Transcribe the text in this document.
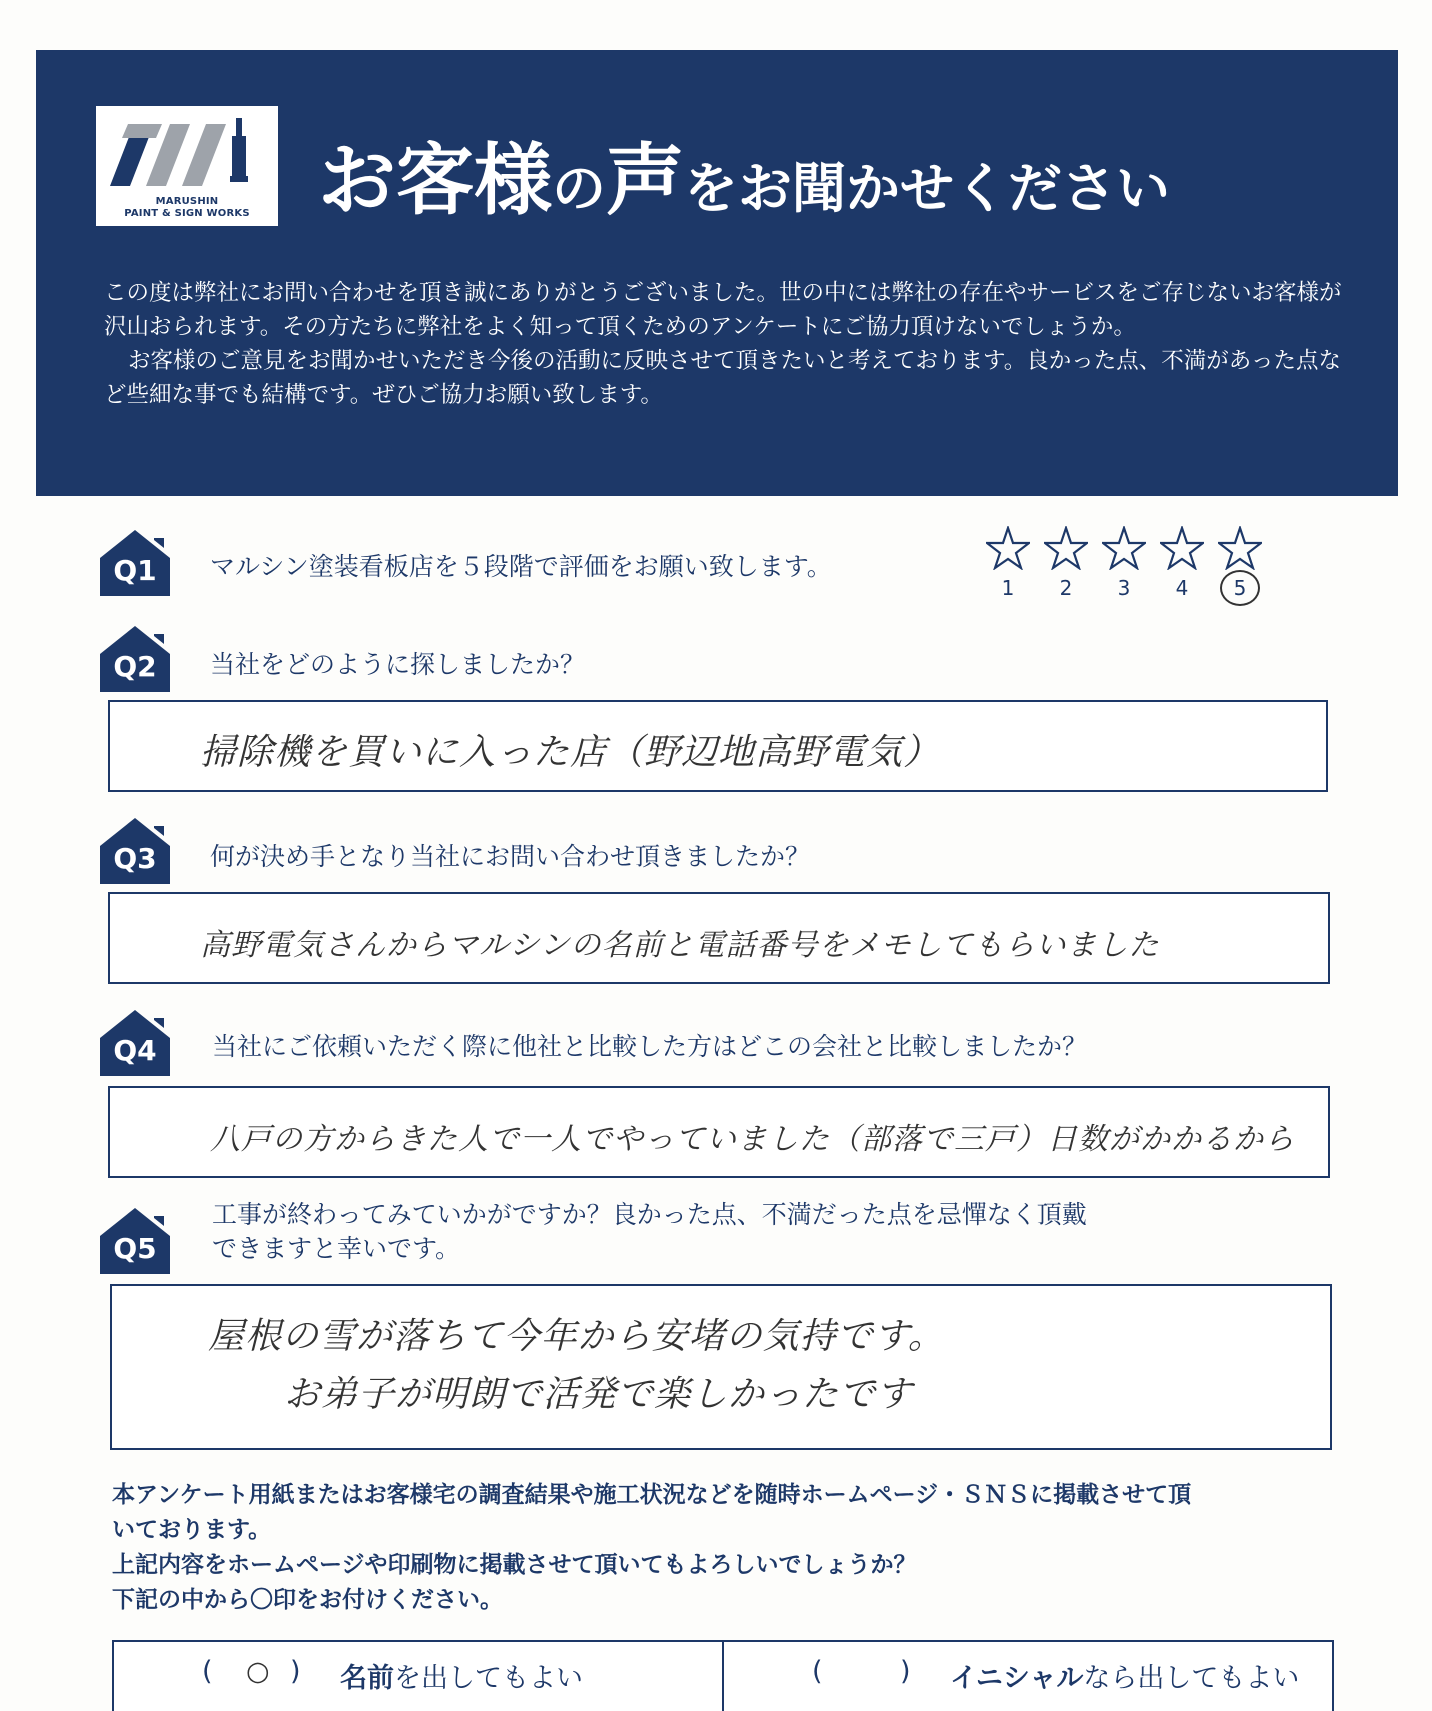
MARUSHIN
PAINT & SIGN WORKS お客様の声をお聞かせください

この度は弊社にお問い合わせを頂き誠にありがとうございました。世の中には弊社の存在やサービスをご存じないお客様が沢山おられます。その方たちに弊社をよく知って頂くためのアンケートにご協力頂けないでしょうか。

お客様のご意見をお聞かせいただき今後の活動に反映させて頂きたいと考えております。良かった点、不満があった点など些細な事でも結構です。ぜひご協力お願い致します。

Q1	マルシン塗装看板店を５段階で評価をお願い致します。
1	2	3	4	5
Q2	当社をどのように探しましたか？
掃除機を買いに入った店（野辺地高野電気）
Q3	何が決め手となり当社にお問い合わせ頂きましたか？
高野電気さんからマルシンの名前と電話番号をメモしてもらいました
Q4	当社にご依頼いただく際に他社と比較した方はどこの会社と比較しましたか？
八戸の方からきた人で一人でやっていました（部落で三戸）日数がかかるから
Q5
工事が終わってみていかがですか？良かった点、不満だった点を忌憚なく頂戴
できますと幸いです。
屋根の雪が落ちて今年から安堵の気持です。
お弟子が明朗で活発で楽しかったです
本アンケート用紙またはお客様宅の調査結果や施工状況などを随時ホームページ・ＳＮＳに掲載させて頂
いております。
上記内容をホームページや印刷物に掲載させて頂いてもよろしいでしょうか？
下記の中から〇印をお付けください。
( ○ ) 名前を出してもよい	(	) イニシャルなら出してもよい
